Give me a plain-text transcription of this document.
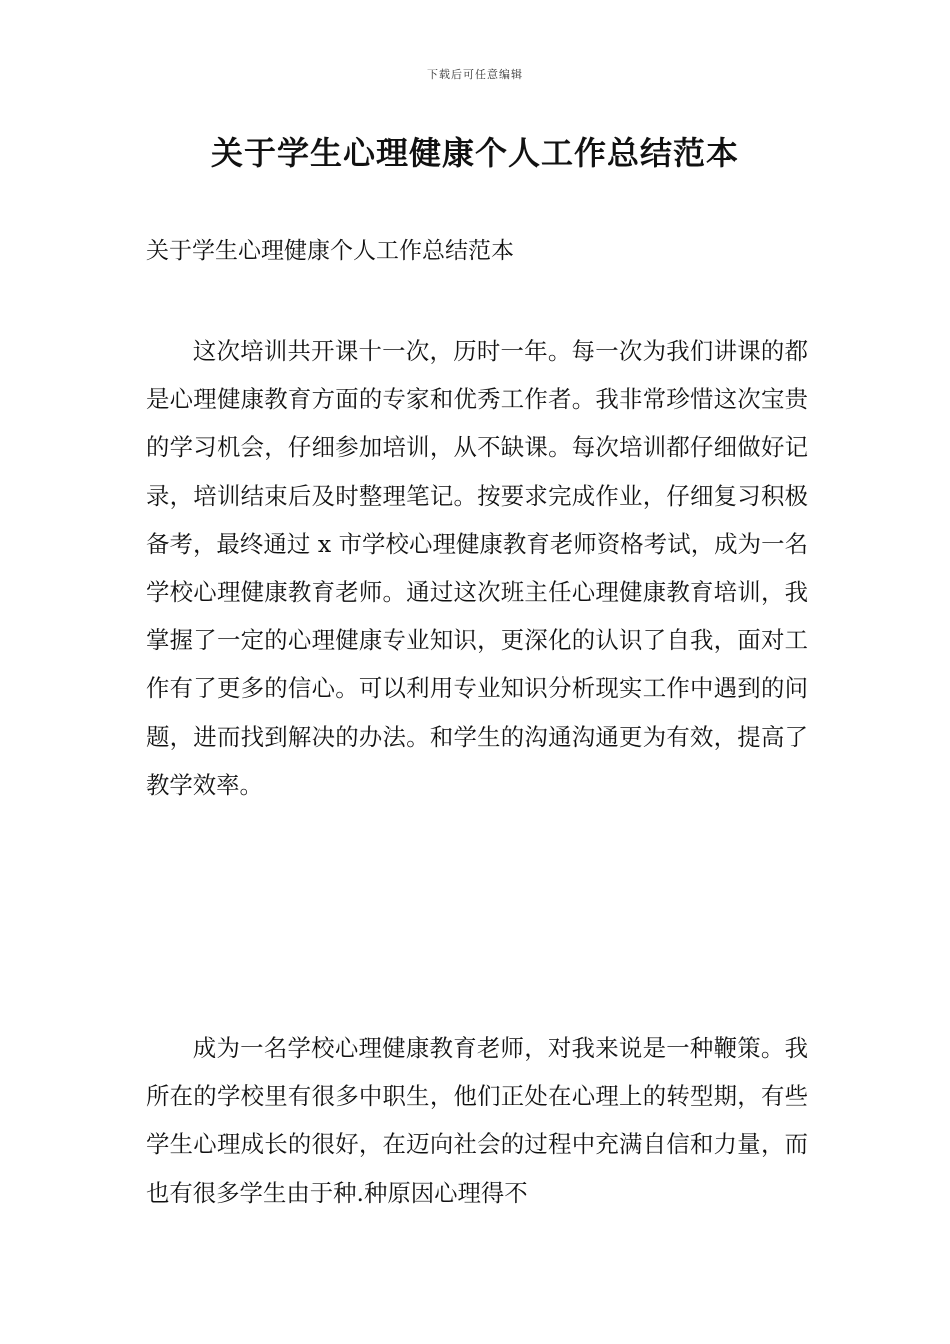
下载后可任意编辑
关于学生心理健康个人工作总结范本

关于学生心理健康个人工作总结范本

这次培训共开课十一次，历时一年。每一次为我们讲课的都是心理健康教育方面的专家和优秀工作者。我非常珍惜这次宝贵的学习机会，仔细参加培训，从不缺课。每次培训都仔细做好记录，培训结束后及时整理笔记。按要求完成作业，仔细复习积极备考，最终通过 x 市学校心理健康教育老师资格考试，成为一名学校心理健康教育老师。通过这次班主任心理健康教育培训，我掌握了一定的心理健康专业知识，更深化的认识了自我，面对工作有了更多的信心。可以利用专业知识分析现实工作中遇到的问题，进而找到解决的办法。和学生的沟通沟通更为有效，提高了教学效率。

成为一名学校心理健康教育老师，对我来说是一种鞭策。我所在的学校里有很多中职生，他们正处在心理上的转型期，有些学生心理成长的很好，在迈向社会的过程中充满自信和力量，而也有很多学生由于种.种原因心理得不
